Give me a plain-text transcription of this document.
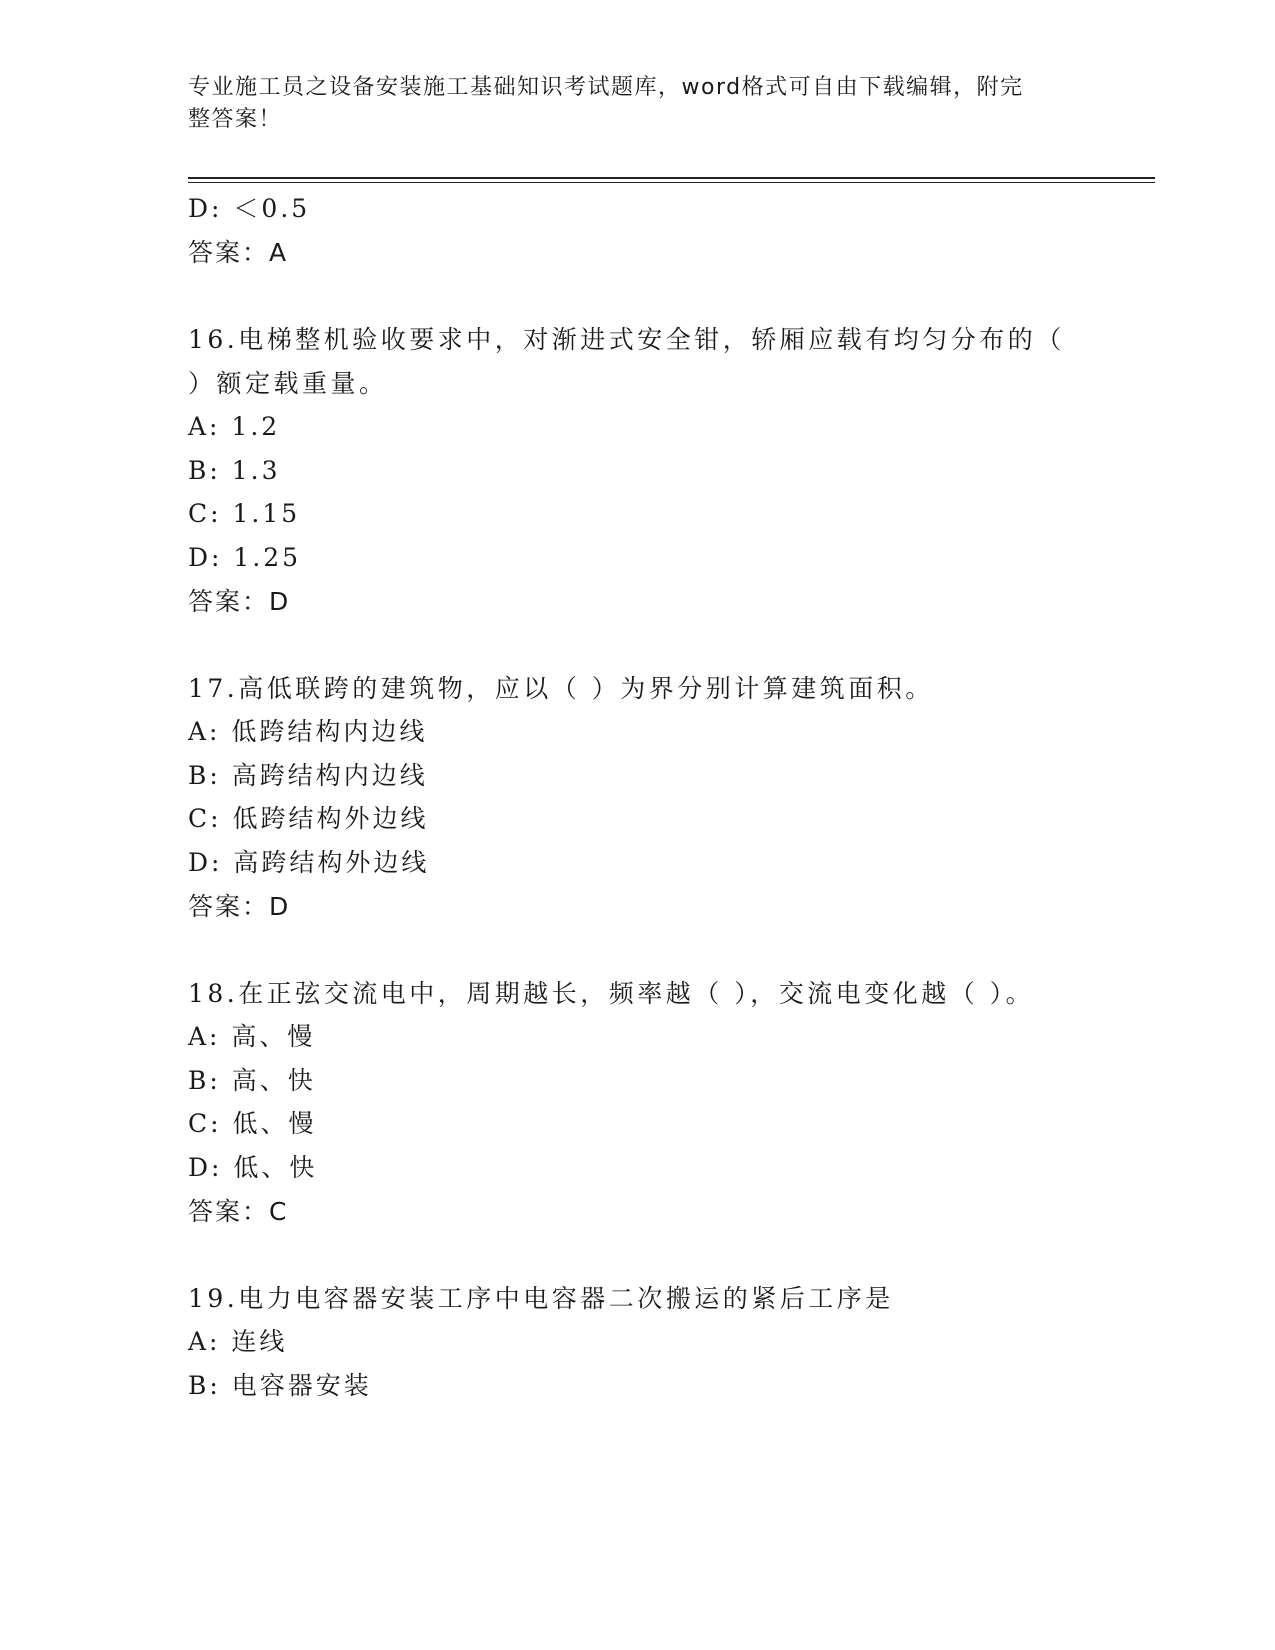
专业施工员之设备安装施工基础知识考试题库，word格式可自由下载编辑，附完
整答案！
D: ＜0.5
答案：A
16.电梯整机验收要求中，对渐进式安全钳，轿厢应载有均匀分布的（
）额定载重量。
A: 1.2
B: 1.3
C: 1.15
D: 1.25
答案：D
17.高低联跨的建筑物，应以（ ）为界分别计算建筑面积。
A: 低跨结构内边线
B: 高跨结构内边线
C: 低跨结构外边线
D: 高跨结构外边线
答案：D
18.在正弦交流电中，周期越长，频率越（ ），交流电变化越（ ）。
A: 高、慢
B: 高、快
C: 低、慢
D: 低、快
答案：C
19.电力电容器安装工序中电容器二次搬运的紧后工序是
A: 连线
B: 电容器安装
